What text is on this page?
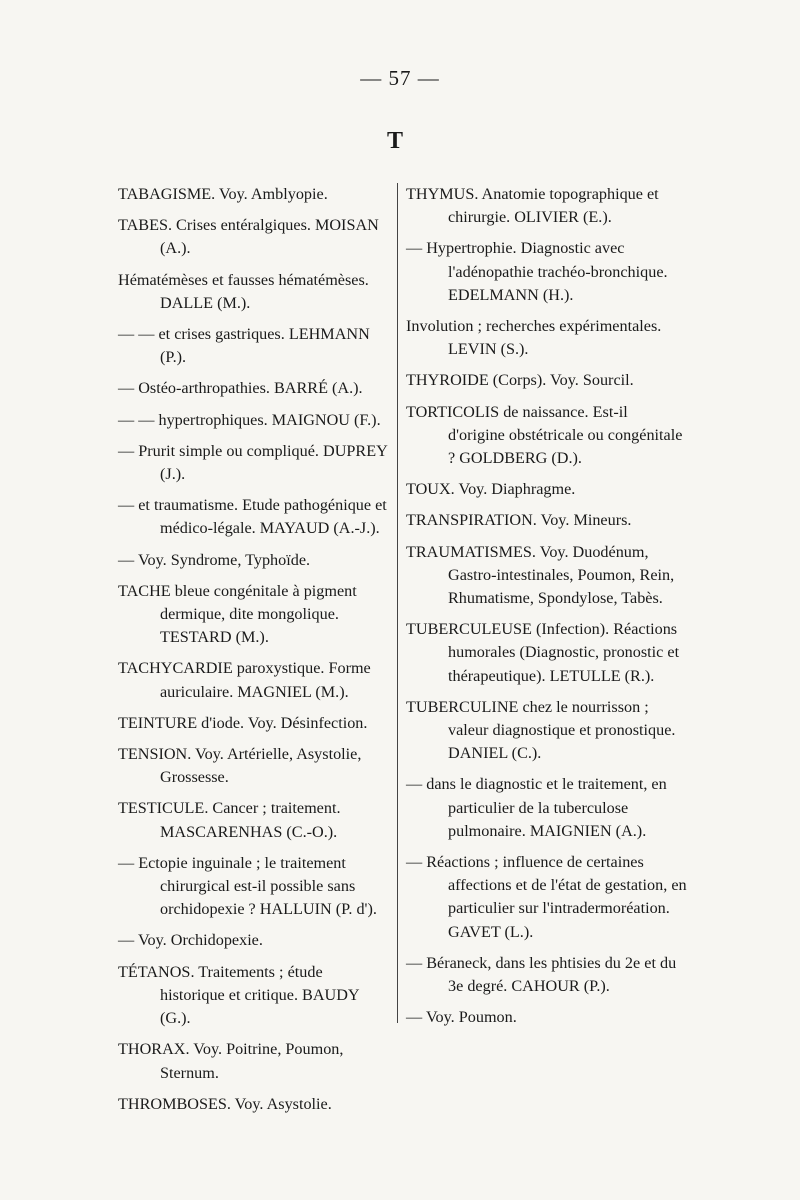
— 57 —
T
TABAGISME. Voy. Amblyopie.
TABES. Crises entéralgiques. MOISAN (A.).
Hématémèses et fausses hématémèses. DALLE (M.).
— — et crises gastriques. LEHMANN (P.).
— Ostéo-arthropathies. BARRÉ (A.).
— — hypertrophiques. MAIGNOU (F.).
— Prurit simple ou compliqué. DUPREY (J.).
— et traumatisme. Etude pathogénique et médico-légale. MAYAUD (A.-J.).
— Voy. Syndrome, Typhoïde.
TACHE bleue congénitale à pigment dermique, dite mongolique. TESTARD (M.).
TACHYCARDIE paroxystique. Forme auriculaire. MAGNIEL (M.).
TEINTURE d'iode. Voy. Désinfection.
TENSION. Voy. Artérielle, Asystolie, Grossesse.
TESTICULE. Cancer ; traitement. MASCARENHAS (C.-O.).
— Ectopie inguinale ; le traitement chirurgical est-il possible sans orchidopexie ? HALLUIN (P. d').
— Voy. Orchidopexie.
TÉTANOS. Traitements ; étude historique et critique. BAUDY (G.).
THORAX. Voy. Poitrine, Poumon, Sternum.
THROMBOSES. Voy. Asystolie.
THYMUS. Anatomie topographique et chirurgie. OLIVIER (E.).
— Hypertrophie. Diagnostic avec l'adénopathie trachéo-bronchique. EDELMANN (H.).
Involution ; recherches expérimentales. LEVIN (S.).
THYROIDE (Corps). Voy. Sourcil.
TORTICOLIS de naissance. Est-il d'origine obstétricale ou congénitale ? GOLDBERG (D.).
TOUX. Voy. Diaphragme.
TRANSPIRATION. Voy. Mineurs.
TRAUMATISMES. Voy. Duodénum, Gastro-intestinales, Poumon, Rein, Rhumatisme, Spondylose, Tabès.
TUBERCULEUSE (Infection). Réactions humorales (Diagnostic, pronostic et thérapeutique). LETULLE (R.).
TUBERCULINE chez le nourrisson ; valeur diagnostique et pronostique. DANIEL (C.).
— dans le diagnostic et le traitement, en particulier de la tuberculose pulmonaire. MAIGNIEN (A.).
— Réactions ; influence de certaines affections et de l'état de gestation, en particulier sur l'intradermoréation. GAVET (L.).
— Béraneck, dans les phtisies du 2e et du 3e degré. CAHOUR (P.).
— Voy. Poumon.
